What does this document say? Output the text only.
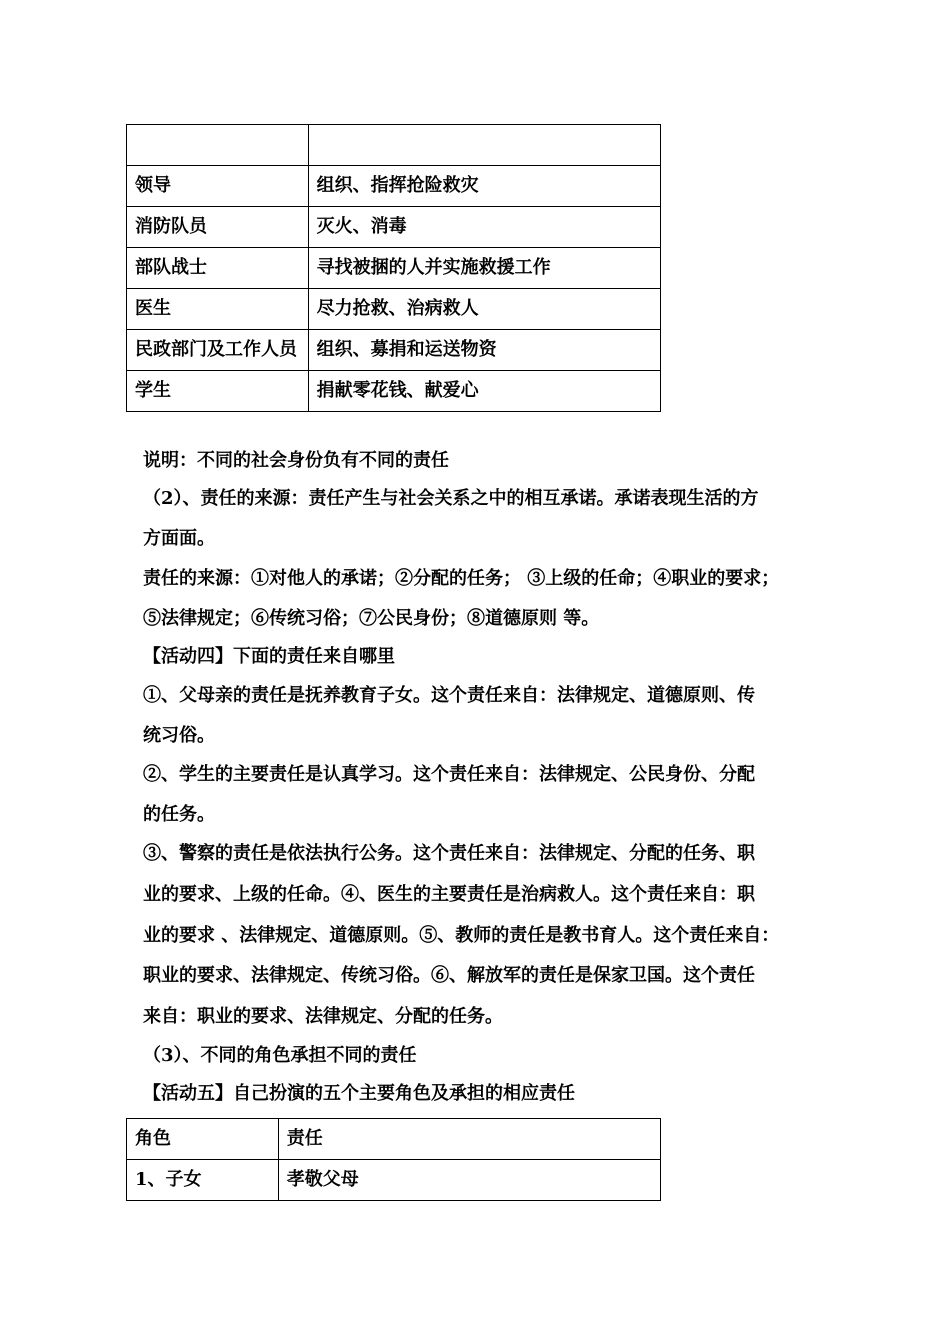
领导	组织、指挥抢险救灾
消防队员	灭火、消毒
部队战士	寻找被捆的人并实施救援工作
医生	尽力抢救、治病救人
民政部门及工作人员	组织、募捐和运送物资
学生	捐献零花钱、献爱心
说明：不同的社会身份负有不同的责任
（2）、责任的来源：责任产生与社会关系之中的相互承诺。承诺表现生活的方
方面面。
责任的来源：①对他人的承诺；②分配的任务； ③上级的任命；④职业的要求；
⑤法律规定；⑥传统习俗；⑦公民身份；⑧道德原则 等。
【活动四】下面的责任来自哪里
①、父母亲的责任是抚养教育子女。这个责任来自：法律规定、道德原则、传
统习俗。
②、学生的主要责任是认真学习。这个责任来自：法律规定、公民身份、分配
的任务。
③、警察的责任是依法执行公务。这个责任来自：法律规定、分配的任务、职
业的要求、上级的任命。④、医生的主要责任是治病救人。这个责任来自：职
业的要求 、法律规定、道德原则。⑤、教师的责任是教书育人。这个责任来自：
职业的要求、法律规定、传统习俗。⑥、解放军的责任是保家卫国。这个责任
来自：职业的要求、法律规定、分配的任务。
（3）、不同的角色承担不同的责任
【活动五】自己扮演的五个主要角色及承担的相应责任
角色	责任
1、子女	孝敬父母
